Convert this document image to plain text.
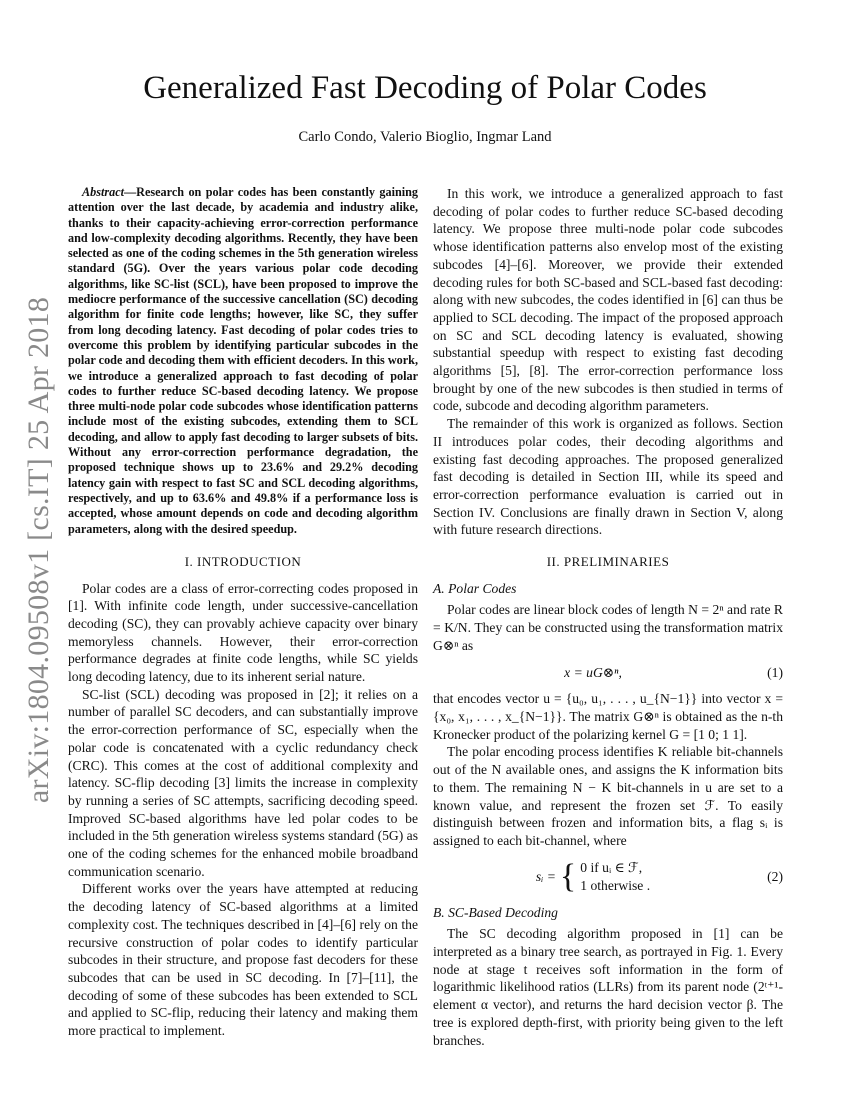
arXiv:1804.09508v1 [cs.IT] 25 Apr 2018
Generalized Fast Decoding of Polar Codes
Carlo Condo, Valerio Bioglio, Ingmar Land

Abstract—Research on polar codes has been constantly gaining attention over the last decade, by academia and industry alike, thanks to their capacity-achieving error-correction performance and low-complexity decoding algorithms. Recently, they have been selected as one of the coding schemes in the 5th generation wireless standard (5G). Over the years various polar code decoding algorithms, like SC-list (SCL), have been proposed to improve the mediocre performance of the successive cancellation (SC) decoding algorithm for finite code lengths; however, like SC, they suffer from long decoding latency. Fast decoding of polar codes tries to overcome this problem by identifying particular subcodes in the polar code and decoding them with efficient decoders. In this work, we introduce a generalized approach to fast decoding of polar codes to further reduce SC-based decoding latency. We propose three multi-node polar code subcodes whose identification patterns include most of the existing subcodes, extending them to SCL decoding, and allow to apply fast decoding to larger subsets of bits. Without any error-correction performance degradation, the proposed technique shows up to 23.6% and 29.2% decoding latency gain with respect to fast SC and SCL decoding algorithms, respectively, and up to 63.6% and 49.8% if a performance loss is accepted, whose amount depends on code and decoding algorithm parameters, along with the desired speedup.

I. INTRODUCTION

Polar codes are a class of error-correcting codes proposed in [1]. With infinite code length, under successive-cancellation decoding (SC), they can provably achieve capacity over binary memoryless channels. However, their error-correction performance degrades at finite code lengths, while SC yields long decoding latency, due to its inherent serial nature.

SC-list (SCL) decoding was proposed in [2]; it relies on a number of parallel SC decoders, and can substantially improve the error-correction performance of SC, especially when the polar code is concatenated with a cyclic redundancy check (CRC). This comes at the cost of additional complexity and latency. SC-flip decoding [3] limits the increase in complexity by running a series of SC attempts, sacrificing decoding speed. Improved SC-based algorithms have led polar codes to be included in the 5th generation wireless systems standard (5G) as one of the coding schemes for the enhanced mobile broadband communication scenario.

Different works over the years have attempted at reducing the decoding latency of SC-based algorithms at a limited complexity cost. The techniques described in [4]–[6] rely on the recursive construction of polar codes to identify particular subcodes in their structure, and propose fast decoders for these subcodes that can be used in SC decoding. In [7]–[11], the decoding of some of these subcodes has been extended to SCL and applied to SC-flip, reducing their latency and making them more practical to implement.

In this work, we introduce a generalized approach to fast decoding of polar codes to further reduce SC-based decoding latency. We propose three multi-node polar code subcodes whose identification patterns also envelop most of the existing subcodes [4]–[6]. Moreover, we provide their extended decoding rules for both SC-based and SCL-based fast decoding: along with new subcodes, the codes identified in [6] can thus be applied to SCL decoding. The impact of the proposed approach on SC and SCL decoding latency is evaluated, showing substantial speedup with respect to existing fast decoding algorithms [5], [8]. The error-correction performance loss brought by one of the new subcodes is then studied in terms of code, subcode and decoding algorithm parameters.

The remainder of this work is organized as follows. Section II introduces polar codes, their decoding algorithms and existing fast decoding approaches. The proposed generalized fast decoding is detailed in Section III, while its speed and error-correction performance evaluation is carried out in Section IV. Conclusions are finally drawn in Section V, along with future research directions.

II. PRELIMINARIES
A. Polar Codes

Polar codes are linear block codes of length N = 2ⁿ and rate R = K/N. They can be constructed using the transformation matrix G⊗ⁿ as

x = uG⊗ⁿ,	(1)

that encodes vector u = {u₀, u₁, . . . , u_{N−1}} into vector x = {x₀, x₁, . . . , x_{N−1}}. The matrix G⊗ⁿ is obtained as the n-th Kronecker product of the polarizing kernel G = [1 0; 1 1].

The polar encoding process identifies K reliable bit-channels out of the N available ones, and assigns the K information bits to them. The remaining N − K bit-channels in u are set to a known value, and represent the frozen set ℱ. To easily distinguish between frozen and information bits, a flag sᵢ is assigned to each bit-channel, where

sᵢ = { 0 if uᵢ ∈ ℱ,
1 otherwise .
(2)
B. SC-Based Decoding

The SC decoding algorithm proposed in [1] can be interpreted as a binary tree search, as portrayed in Fig. 1. Every node at stage t receives soft information in the form of logarithmic likelihood ratios (LLRs) from its parent node (2ᵗ⁺¹-element α vector), and returns the hard decision vector β. The tree is explored depth-first, with priority being given to the left branches.
